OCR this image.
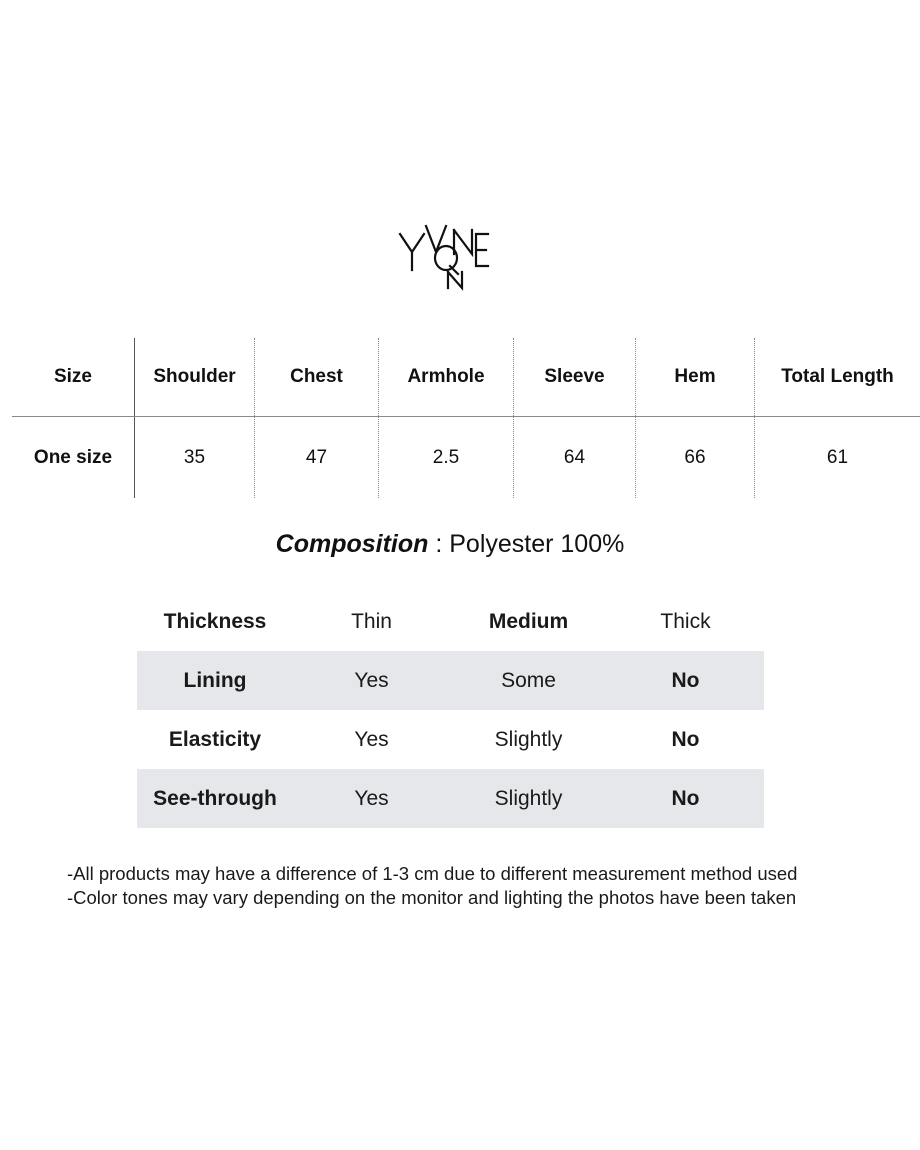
Size	Shoulder	Chest	Armhole	Sleeve	Hem	Total Length
One size	35	47	2.5	64	66	61
Composition : Polyester 100%
Thickness	Thin	Medium	Thick
Lining	Yes	Some	No
Elasticity	Yes	Slightly	No
See-through	Yes	Slightly	No
-All products may have a difference of 1-3 cm due to different measurement method used
-Color tones may vary depending on the monitor and lighting the photos have been taken
